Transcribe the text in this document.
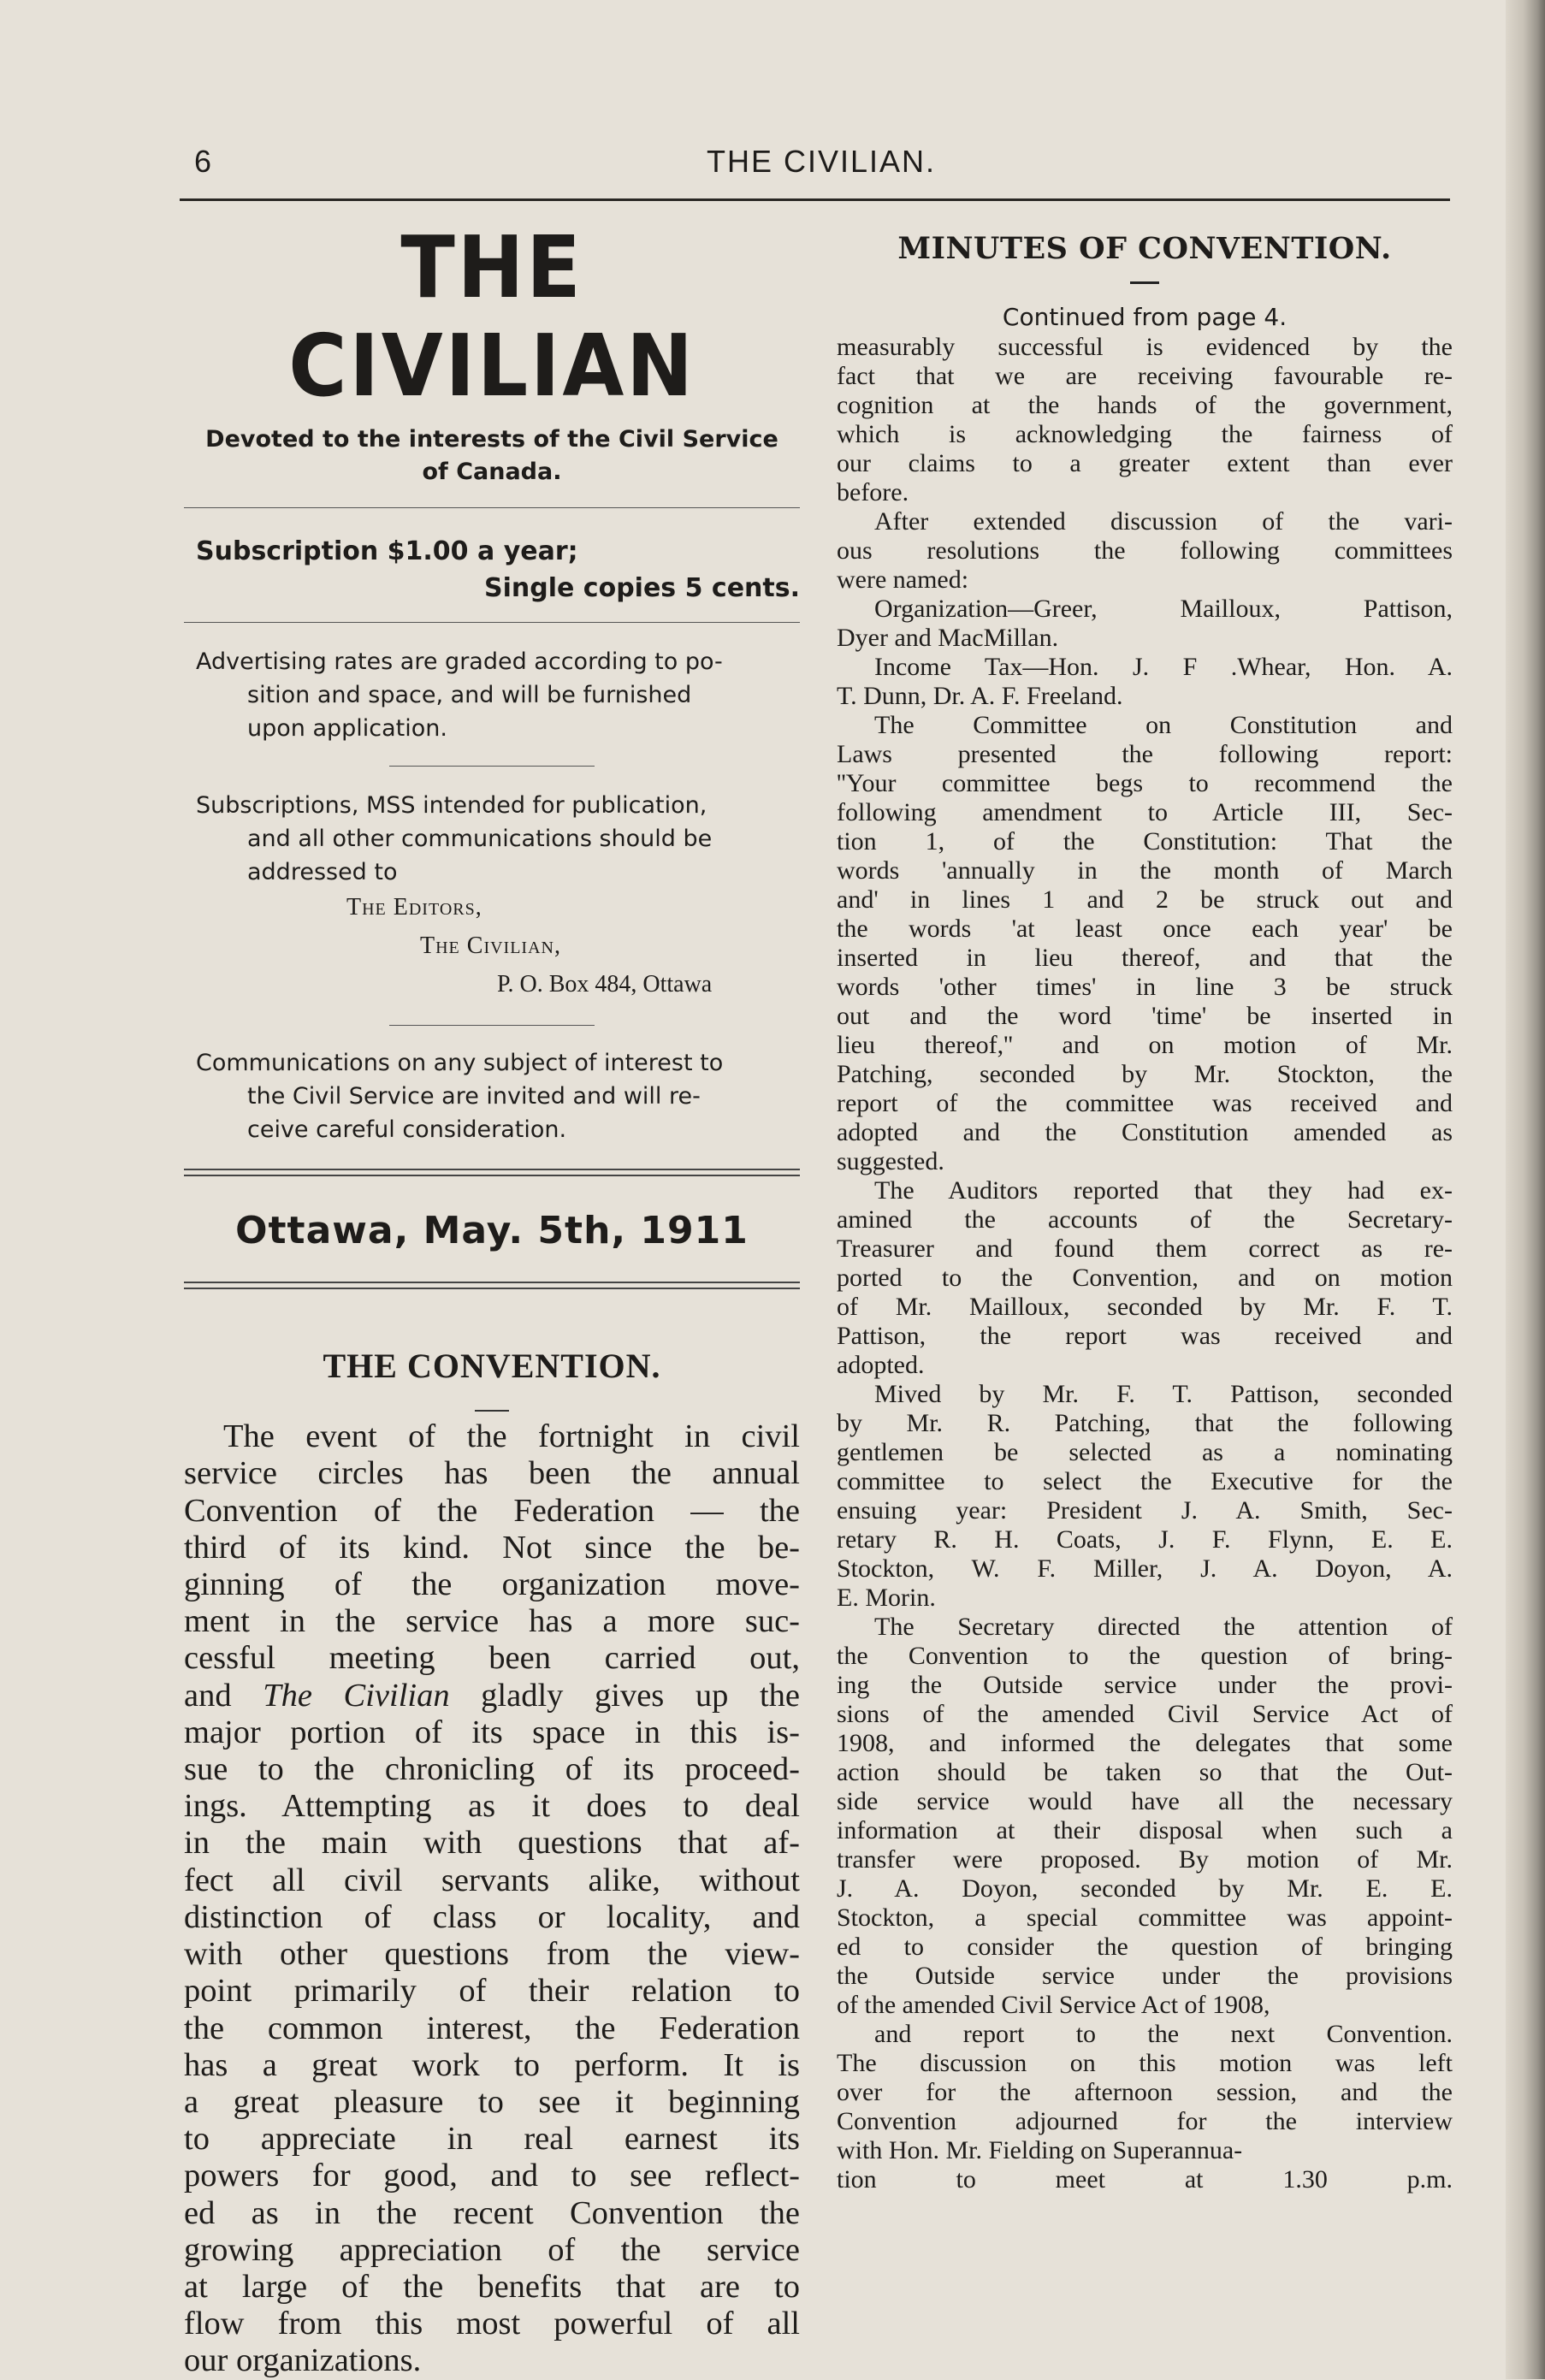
6	THE CIVILIAN.
THE CIVILIAN
Devoted to the interests of the Civil Service
of Canada.
Subscription $1.00 a year;
Single copies 5 cents.
Advertising rates are graded according to po-
sition and space, and will be furnished
upon application.
Subscriptions, MSS intended for publication,
and all other communications should be
addressed to
The Editors,
The Civilian,
P. O. Box 484, Ottawa
Communications on any subject of interest to
the Civil Service are invited and will re-
ceive careful consideration.
Ottawa, May. 5th, 1911
THE CONVENTION.
The event of the fortnight in civil
service circles has been the annual
Convention of the Federation — the
third of its kind. Not since the be-
ginning of the organization move-
ment in the service has a more suc-
cessful meeting been carried out,
and The Civilian gladly gives up the
major portion of its space in this is-
sue to the chronicling of its proceed-
ings. Attempting as it does to deal
in the main with questions that af-
fect all civil servants alike, without
distinction of class or locality, and
with other questions from the view-
point primarily of their relation to
the common interest, the Federation
has a great work to perform. It is
a great pleasure to see it beginning
to appreciate in real earnest its
powers for good, and to see reflect-
ed as in the recent Convention the
growing appreciation of the service
at large of the benefits that are to
flow from this most powerful of all
our organizations.
MINUTES OF CONVENTION.
Continued from page 4.
measurably successful is evidenced by the
fact that we are receiving favourable re-
cognition at the hands of the government,
which is acknowledging the fairness of
our claims to a greater extent than ever
before.
After extended discussion of the vari-
ous resolutions the following committees
were named:
Organization—Greer, Mailloux, Pattison,
Dyer and MacMillan.
Income Tax—Hon. J. F .Whear, Hon. A.
T. Dunn, Dr. A. F. Freeland.
The Committee on Constitution and
Laws presented the following report:
''Your committee begs to recommend the
following amendment to Article III, Sec-
tion 1, of the Constitution: That the
words 'annually in the month of March
and' in lines 1 and 2 be struck out and
the words 'at least once each year' be
inserted in lieu thereof, and that the
words 'other times' in line 3 be struck
out and the word 'time' be inserted in
lieu thereof,'' and on motion of Mr.
Patching, seconded by Mr. Stockton, the
report of the committee was received and
adopted and the Constitution amended as
suggested.
The Auditors reported that they had ex-
amined the accounts of the Secretary-
Treasurer and found them correct as re-
ported to the Convention, and on motion
of Mr. Mailloux, seconded by Mr. F. T.
Pattison, the report was received and
adopted.
Mived by Mr. F. T. Pattison, seconded
by Mr. R. Patching, that the following
gentlemen be selected as a nominating
committee to select the Executive for the
ensuing year: President J. A. Smith, Sec-
retary R. H. Coats, J. F. Flynn, E. E.
Stockton, W. F. Miller, J. A. Doyon, A.
E. Morin.
The Secretary directed the attention of
the Convention to the question of bring-
ing the Outside service under the provi-
sions of the amended Civil Service Act of
1908, and informed the delegates that some
action should be taken so that the Out-
side service would have all the necessary
information at their disposal when such a
transfer were proposed. By motion of Mr.
J. A. Doyon, seconded by Mr. E. E.
Stockton, a special committee was appoint-
ed to consider the question of bringing
the Outside service under the provisions
of the amended Civil Service Act of 1908,
and report to the next Convention.
The discussion on this motion was left
over for the afternoon session, and the
Convention adjourned for the interview
with Hon. Mr. Fielding on Superannua-
tion to meet at 1.30 p.m.
